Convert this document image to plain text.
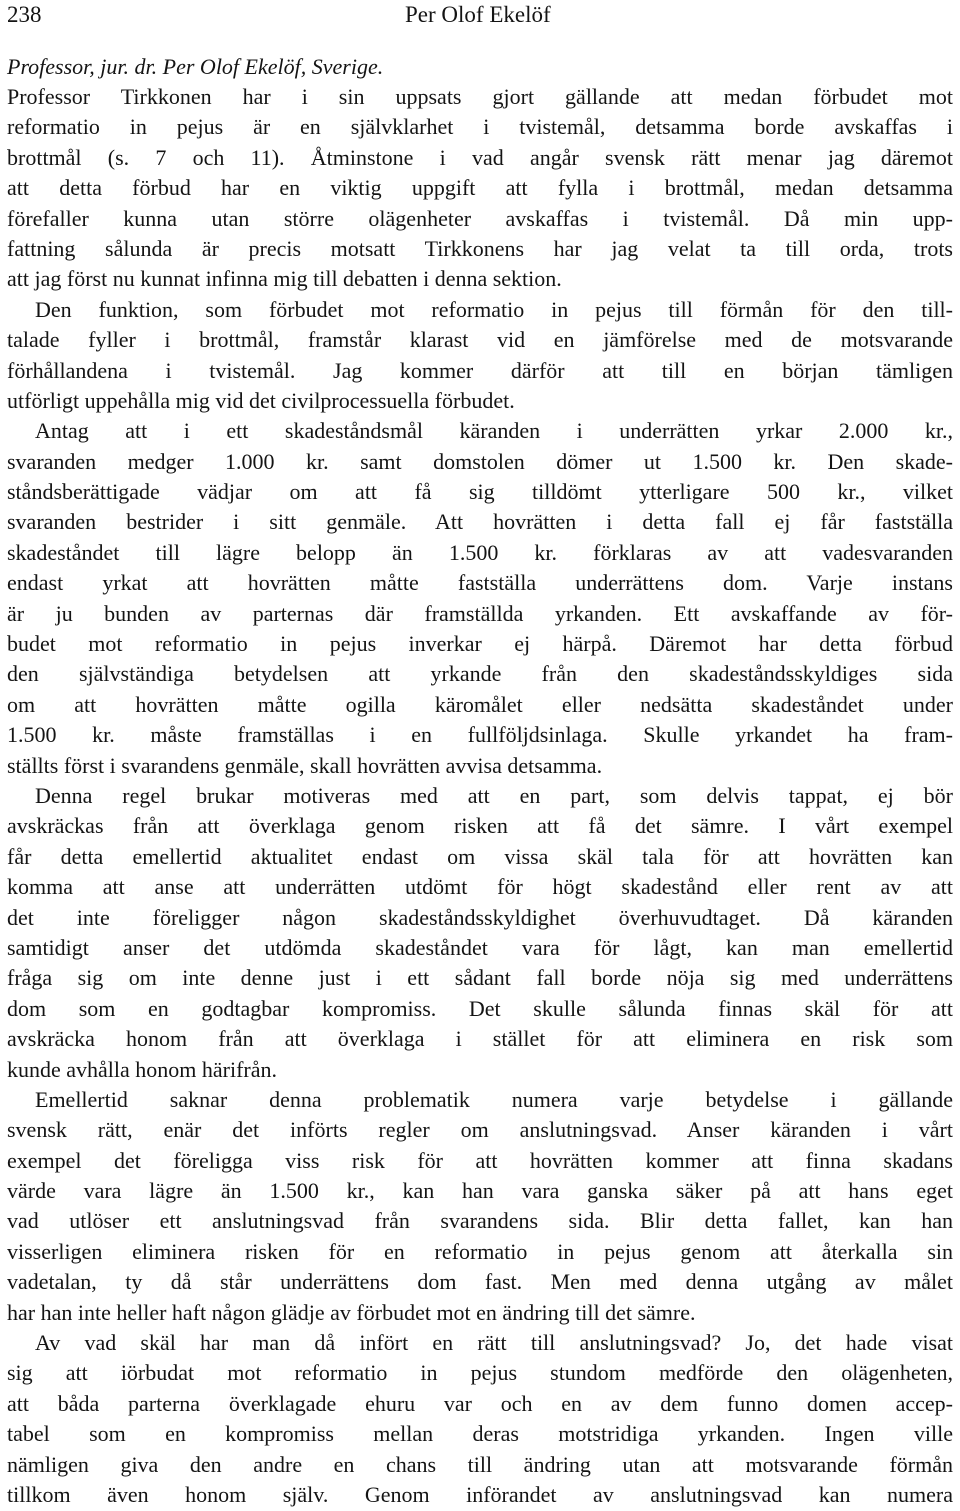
238	Per Olof Ekelöf
Professor, jur. dr. Per Olof Ekelöf, Sverige.
Professor Tirkkonen har i sin uppsats gjort gällande att medan förbudet mot
reformatio in pejus är en självklarhet i tvistemål, detsamma borde avskaffas i
brottmål (s. 7 och 11). Åtminstone i vad angår svensk rätt menar jag däremot
att detta förbud har en viktig uppgift att fylla i brottmål, medan detsamma
förefaller kunna utan större olägenheter avskaffas i tvistemål. Då min upp-
fattning sålunda är precis motsatt Tirkkonens har jag velat ta till orda, trots
att jag först nu kunnat infinna mig till debatten i denna sektion.
Den funktion, som förbudet mot reformatio in pejus till förmån för den till-
talade fyller i brottmål, framstår klarast vid en jämförelse med de motsvarande
förhållandena i tvistemål. Jag kommer därför att till en början tämligen
utförligt uppehålla mig vid det civilprocessuella förbudet.
Antag att i ett skadeståndsmål käranden i underrätten yrkar 2.000 kr.,
svaranden medger 1.000 kr. samt domstolen dömer ut 1.500 kr. Den skade-
ståndsberättigade vädjar om att få sig tilldömt ytterligare 500 kr., vilket
svaranden bestrider i sitt genmäle. Att hovrätten i detta fall ej får fastställa
skadeståndet till lägre belopp än 1.500 kr. förklaras av att vadesvaranden
endast yrkat att hovrätten måtte fastställa underrättens dom. Varje instans
är ju bunden av parternas där framställda yrkanden. Ett avskaffande av för-
budet mot reformatio in pejus inverkar ej härpå. Däremot har detta förbud
den självständiga betydelsen att yrkande från den skadeståndsskyldiges sida
om att hovrätten måtte ogilla käromålet eller nedsätta skadeståndet under
1.500 kr. måste framställas i en fullföljdsinlaga. Skulle yrkandet ha fram-
ställts först i svarandens genmäle, skall hovrätten avvisa detsamma.
Denna regel brukar motiveras med att en part, som delvis tappat, ej bör
avskräckas från att överklaga genom risken att få det sämre. I vårt exempel
får detta emellertid aktualitet endast om vissa skäl tala för att hovrätten kan
komma att anse att underrätten utdömt för högt skadestånd eller rent av att
det inte föreligger någon skadeståndsskyldighet överhuvudtaget. Då käranden
samtidigt anser det utdömda skadeståndet vara för lågt, kan man emellertid
fråga sig om inte denne just i ett sådant fall borde nöja sig med underrättens
dom som en godtagbar kompromiss. Det skulle sålunda finnas skäl för att
avskräcka honom från att överklaga i stället för att eliminera en risk som
kunde avhålla honom härifrån.
Emellertid saknar denna problematik numera varje betydelse i gällande
svensk rätt, enär det införts regler om anslutningsvad. Anser käranden i vårt
exempel det föreligga viss risk för att hovrätten kommer att finna skadans
värde vara lägre än 1.500 kr., kan han vara ganska säker på att hans eget
vad utlöser ett anslutningsvad från svarandens sida. Blir detta fallet, kan han
visserligen eliminera risken för en reformatio in pejus genom att återkalla sin
vadetalan, ty då står underrättens dom fast. Men med denna utgång av målet
har han inte heller haft någon glädje av förbudet mot en ändring till det sämre.
Av vad skäl har man då infört en rätt till anslutningsvad? Jo, det hade visat
sig att iörbudat mot reformatio in pejus stundom medförde den olägenheten,
att båda parterna överklagade ehuru var och en av dem funno domen accep-
tabel som en kompromiss mellan deras motstridiga yrkanden. Ingen ville
nämligen giva den andre en chans till ändring utan att motsvarande förmån
tillkom även honom själv. Genom införandet av anslutningsvad kan numera
